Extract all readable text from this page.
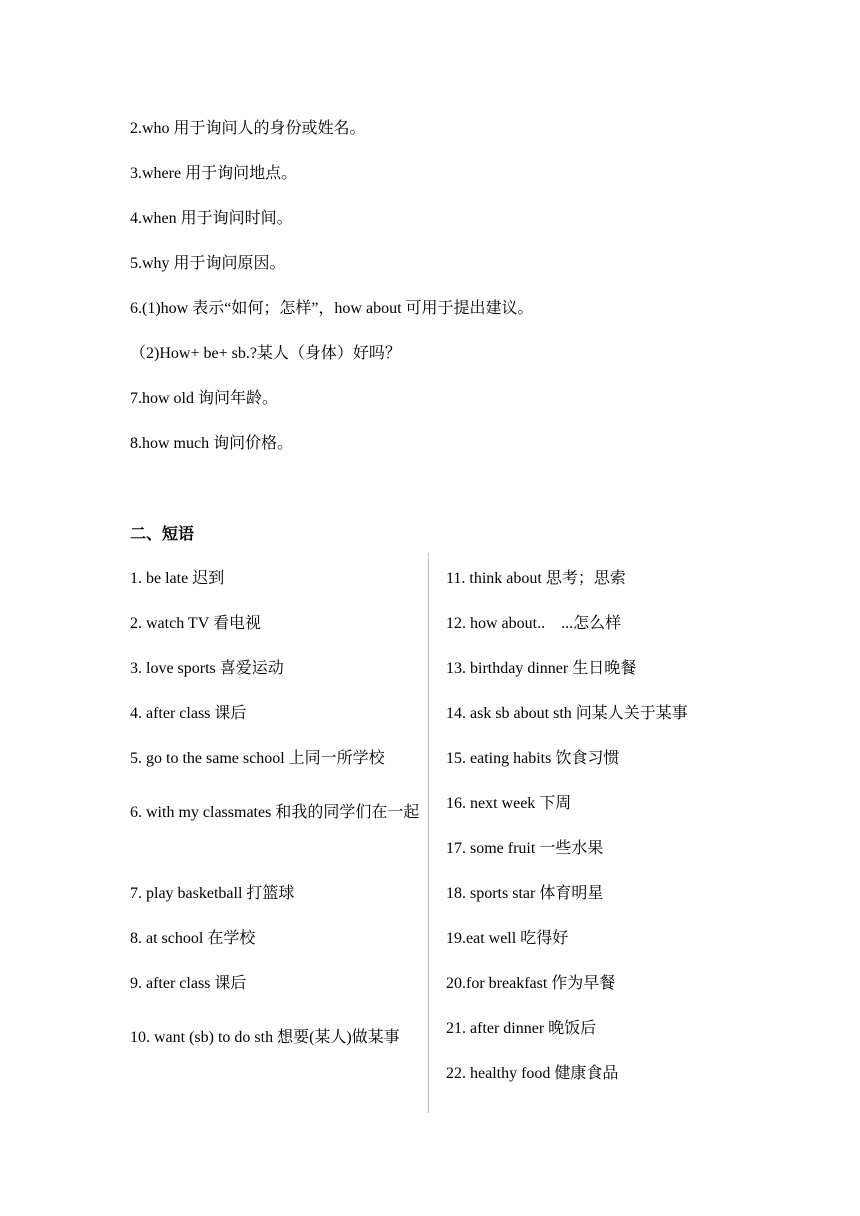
2.who 用于询问人的身份或姓名。
3.where 用于询问地点。
4.when 用于询问时间。
5.why 用于询问原因。
6.(1)how 表示“如何；怎样”，how about 可用于提出建议。
（2)How+ be+ sb.?某人（身体）好吗？
7.how old 询问年龄。
8.how much 询问价格。
二、短语
1. be late 迟到
2. watch TV 看电视
3. love sports 喜爱运动
4. after class 课后
5. go to the same school 上同一所学校
6. with my classmates 和我的同学们在一起
7. play basketball 打篮球
8. at school 在学校
9. after class 课后
10. want (sb) to do sth 想要(某人)做某事
11. think about 思考；思索
12. how about..    ...怎么样
13. birthday dinner 生日晚餐
14. ask sb about sth 问某人关于某事
15. eating habits 饮食习惯
16. next week 下周
17. some fruit 一些水果
18. sports star 体育明星
19.eat well 吃得好
20.for breakfast 作为早餐
21. after dinner 晚饭后
22. healthy food 健康食品
